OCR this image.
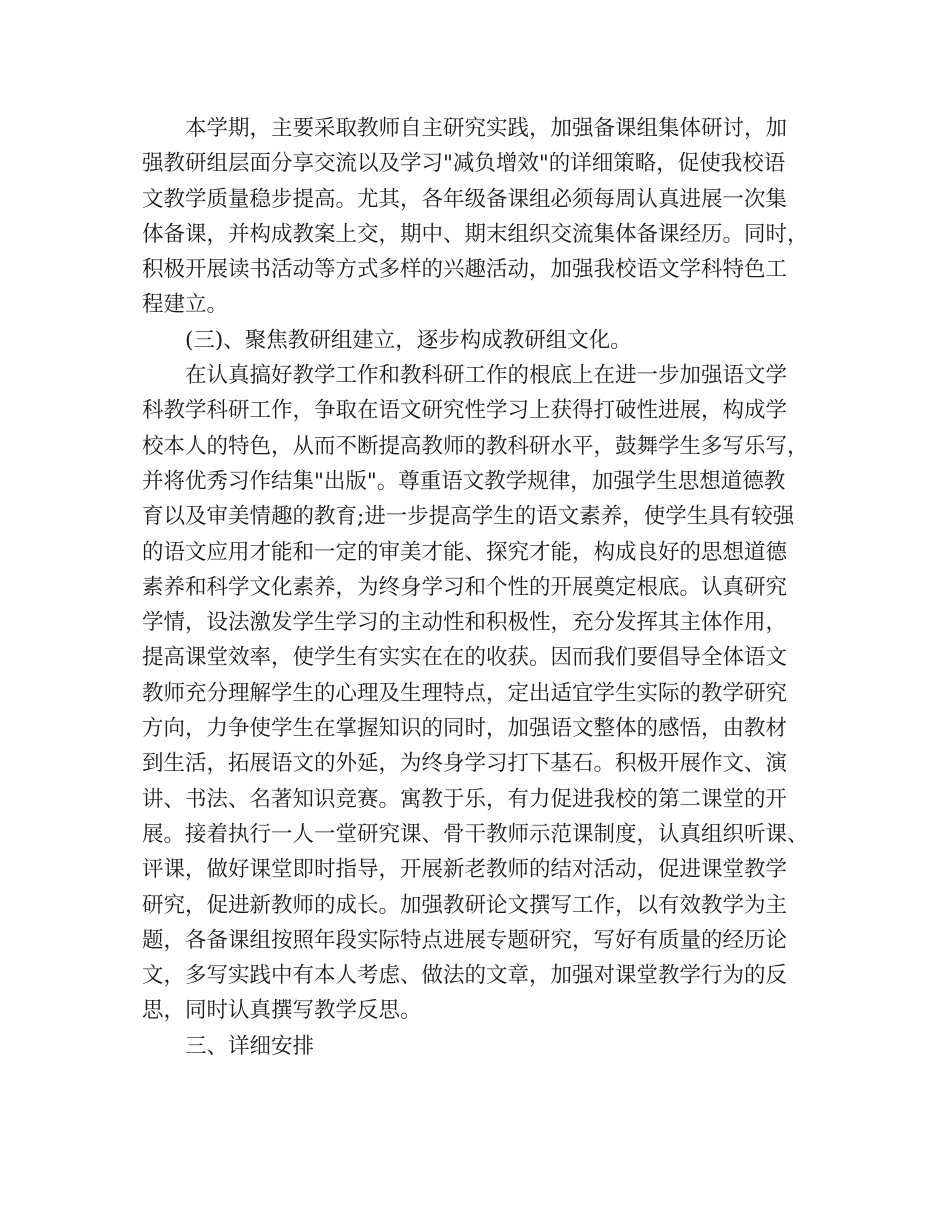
本学期，主要采取教师自主研究实践，加强备课组集体研讨，加
强教研组层面分享交流以及学习"减负增效"的详细策略，促使我校语
文教学质量稳步提高。尤其，各年级备课组必须每周认真进展一次集
体备课，并构成教案上交，期中、期末组织交流集体备课经历。同时，
积极开展读书活动等方式多样的兴趣活动，加强我校语文学科特色工
程建立。
(三)、聚焦教研组建立，逐步构成教研组文化。
在认真搞好教学工作和教科研工作的根底上在进一步加强语文学
科教学科研工作，争取在语文研究性学习上获得打破性进展，构成学
校本人的特色，从而不断提高教师的教科研水平，鼓舞学生多写乐写，
并将优秀习作结集"出版"。尊重语文教学规律，加强学生思想道德教
育以及审美情趣的教育;进一步提高学生的语文素养，使学生具有较强
的语文应用才能和一定的审美才能、探究才能，构成良好的思想道德
素养和科学文化素养，为终身学习和个性的开展奠定根底。认真研究
学情，设法激发学生学习的主动性和积极性，充分发挥其主体作用，
提高课堂效率，使学生有实实在在的收获。因而我们要倡导全体语文
教师充分理解学生的心理及生理特点，定出适宜学生实际的教学研究
方向，力争使学生在掌握知识的同时，加强语文整体的感悟，由教材
到生活，拓展语文的外延，为终身学习打下基石。积极开展作文、演
讲、书法、名著知识竞赛。寓教于乐，有力促进我校的第二课堂的开
展。接着执行一人一堂研究课、骨干教师示范课制度，认真组织听课、
评课，做好课堂即时指导，开展新老教师的结对活动，促进课堂教学
研究，促进新教师的成长。加强教研论文撰写工作，以有效教学为主
题，各备课组按照年段实际特点进展专题研究，写好有质量的经历论
文，多写实践中有本人考虑、做法的文章，加强对课堂教学行为的反
思，同时认真撰写教学反思。
三、详细安排
